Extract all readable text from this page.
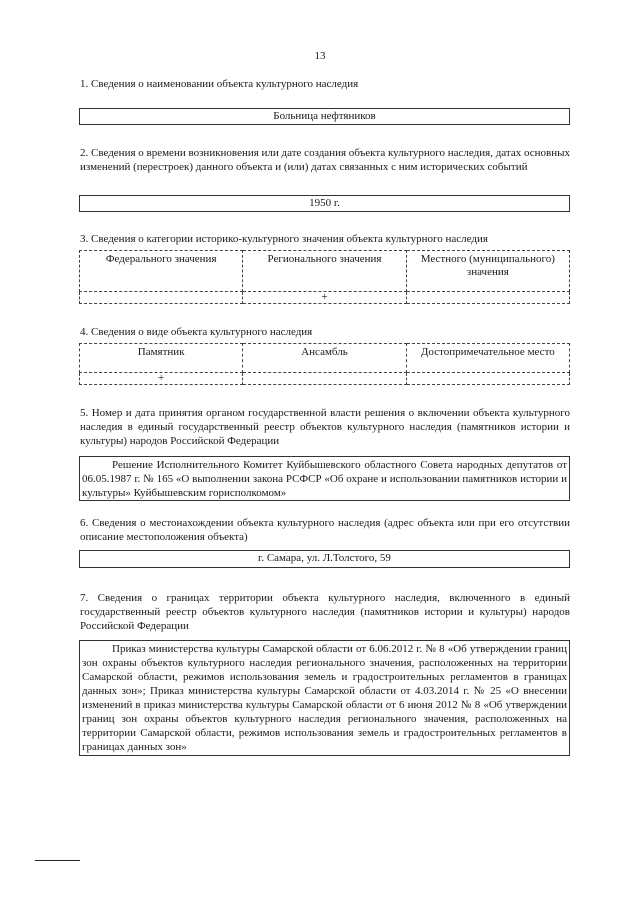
13
1. Сведения о наименовании объекта культурного наследия
Больница нефтяников
2. Сведения о времени возникновения или дате создания объекта культурного наследия, датах основных изменений (перестроек) данного объекта и (или) датах связанных с ним исторических событий
1950 г.
3. Сведения о категории историко-культурного значения объекта культурного наследия
Федерального значения	Регионального значения	Местного (муниципального) значения
	+	
4. Сведения о виде объекта культурного наследия
Памятник	Ансамбль	Достопримечательное место
+		
5. Номер и дата принятия органом государственной власти решения о включении объекта культурного наследия в единый государственный реестр объектов культурного наследия (памятников истории и культуры) народов Российской Федерации

Решение Исполнительного Комитет Куйбышевского областного Совета народных депутатов от 06.05.1987 г. № 165 «О выполнении закона РСФСР «Об охране и использовании памятников истории и культуры» Куйбышевским горисполкомом»

6. Сведения о местонахождении объекта культурного наследия (адрес объекта или при его отсутствии описание местоположения объекта)
г. Самара, ул. Л.Толстого, 59
7. Сведения о границах территории объекта культурного наследия, включенного в единый государственный реестр объектов культурного наследия (памятников истории и культуры) народов Российской Федерации

Приказ министерства культуры Самарской области от 6.06.2012 г. № 8 «Об утверждении границ зон охраны объектов культурного наследия регионального значения, расположенных на территории Самарской области, режимов использования земель и градостроительных регламентов в границах данных зон»; Приказ министерства культуры Самарской области от 4.03.2014 г. № 25 «О внесении изменений в приказ министерства культуры Самарской области от 6 июня 2012 № 8 «Об утверждении границ зон охраны объектов культурного наследия регионального значения, расположенных на территории Самарской области, режимов использования земель и градостроительных регламентов в границах данных зон»
